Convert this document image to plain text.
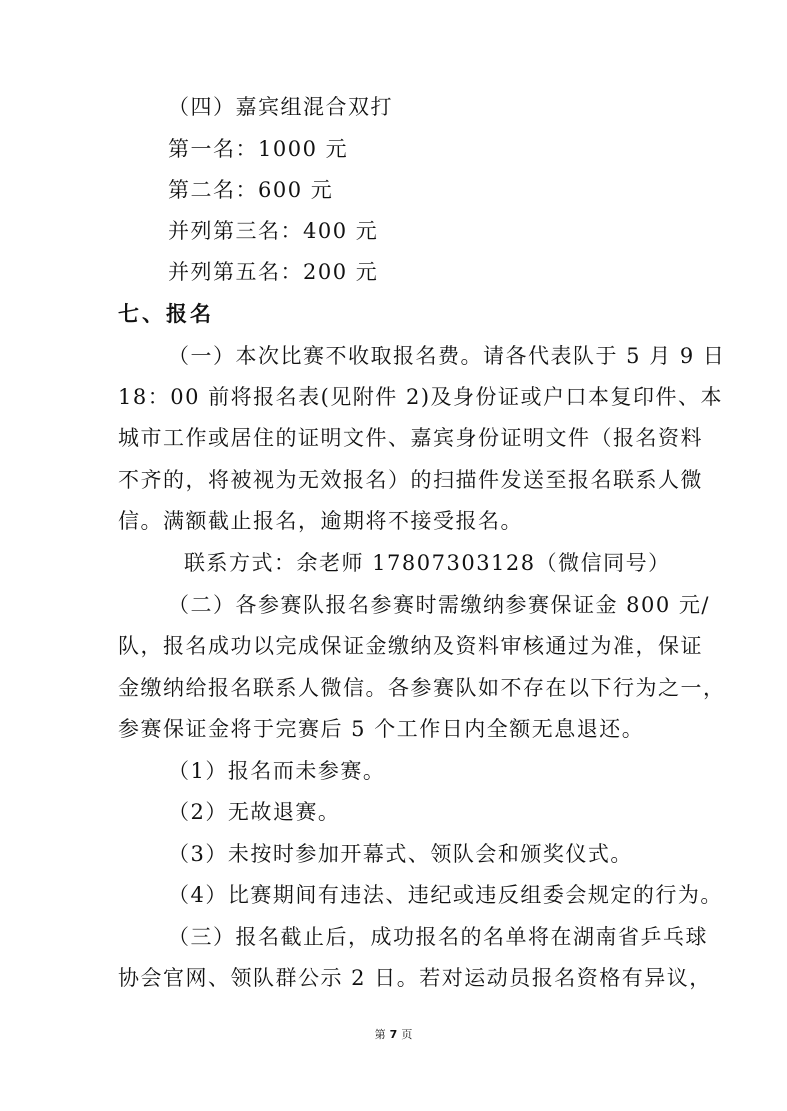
（四）嘉宾组混合双打
第一名：1000 元
第二名：600 元
并列第三名：400 元
并列第五名：200 元
七、报名
（一）本次比赛不收取报名费。请各代表队于 5 月 9 日
18：00 前将报名表(见附件 2)及身份证或户口本复印件、本
城市工作或居住的证明文件、嘉宾身份证明文件（报名资料
不齐的，将被视为无效报名）的扫描件发送至报名联系人微
信。满额截止报名，逾期将不接受报名。
联系方式：余老师 17807303128（微信同号）
（二）各参赛队报名参赛时需缴纳参赛保证金 800 元/
队，报名成功以完成保证金缴纳及资料审核通过为准，保证
金缴纳给报名联系人微信。各参赛队如不存在以下行为之一，
参赛保证金将于完赛后 5 个工作日内全额无息退还。
（1）报名而未参赛。
（2）无故退赛。
（3）未按时参加开幕式、领队会和颁奖仪式。
（4）比赛期间有违法、违纪或违反组委会规定的行为。
（三）报名截止后，成功报名的名单将在湖南省乒乓球
协会官网、领队群公示 2 日。若对运动员报名资格有异议，
第 7 页
